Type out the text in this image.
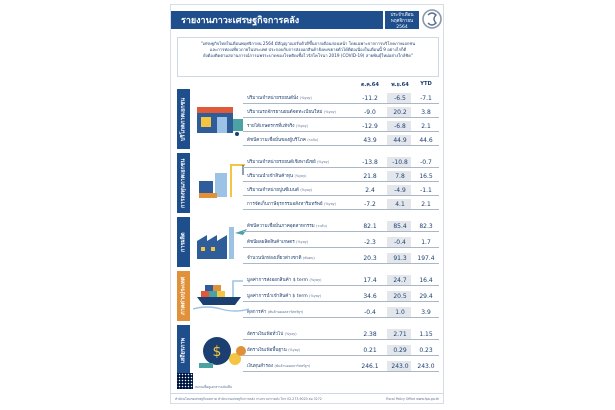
รายงานภาวะเศรษฐกิจการคลัง
ประจำเดือน
พฤศจิกายน 2564
"เศรษฐกิจไทยในเดือนพฤศจิกายน 2564 มีสัญญาณปรับตัวดีขึ้นจากเดือนก่อนหน้า โดยเฉพาะจากการบริโภคภาคเอกชน
และการท่องเที่ยวภายในประเทศ ประกอบกับการส่งออกสินค้ายังคงขยายตัวได้ดีต่อเนื่องในเดือนนี้ 9 อย่างไรก็ดี
ยังต้องติดตามสถานการณ์การแพร่ระบาดของโรคติดเชื้อไวรัสโคโรนา 2019 (COVID-19) สายพันธุ์ใหม่อย่างใกล้ชิด"
ต.ค.64	พ.ย.64	YTD
บริโภคภาคเอกชน	ปริมาณจำหน่ายรถยนต์นั่ง (%yoy)	-11.2	-6.5	-7.1
ปริมาณรถจักรยานยนต์จดทะเบียนใหม่ (%yoy)	-9.0	20.2	3.8
รายได้เกษตรกรที่แท้จริง (%yoy)	-12.9	-6.8	2.1
ดัชนีความเชื่อมั่นของผู้บริโภค (ระดับ)	43.9	44.9	44.6
การลงทุนภาคเอกชน	ปริมาณจำหน่ายรถยนต์เชิงพาณิชย์ (%yoy)	-13.8	-10.8	-0.7
ปริมาณนำเข้าสินค้าทุน (%yoy)	21.8	7.8	16.5
ปริมาณจำหน่ายปูนซีเมนต์ (%yoy)	2.4	-4.9	-1.1
การจัดเก็บภาษีธุรกรรมอสังหาริมทรัพย์ (%yoy)	-7.2	4.1	2.1
การผลิต
ดัชนีความเชื่อมั่นภาคอุตสาหกรรม (ระดับ)	82.1	85.4	82.3
ดัชนีผลผลิตสินค้าเกษตร (%yoy)	-2.3	-0.4	1.7
จำนวนนักท่องเที่ยวต่างชาติ (พันคน)	20.3	91.3	197.4
ภาคต่างประเทศ	มูลค่าการส่งออกสินค้า $ term (%yoy)	17.4	24.7	16.4
มูลค่าการนำเข้าสินค้า $ term (%yoy)	34.6	20.5	29.4
ดุลการค้า (พันล้านดอลลาร์สหรัฐฯ)	-0.4	1.0	3.9
เสถียรภาพ $
อัตราเงินเฟ้อทั่วไป (%yoy)	2.38	2.71	1.15
อัตราเงินเฟ้อพื้นฐาน (%yoy)	0.21	0.29	0.23
เงินทุนสำรอง (พันล้านดอลลาร์สหรัฐฯ)	246.1	243.0	243.0
สแกนเพื่อดูเอกสารฉบับเต็ม
สำนักนโยบายเศรษฐกิจมหภาค สำนักงานเศรษฐกิจการคลัง กระทรวงการคลัง โทร 02-273-9020 ต่อ 3272	Fiscal Policy Office www.fpo.go.th
